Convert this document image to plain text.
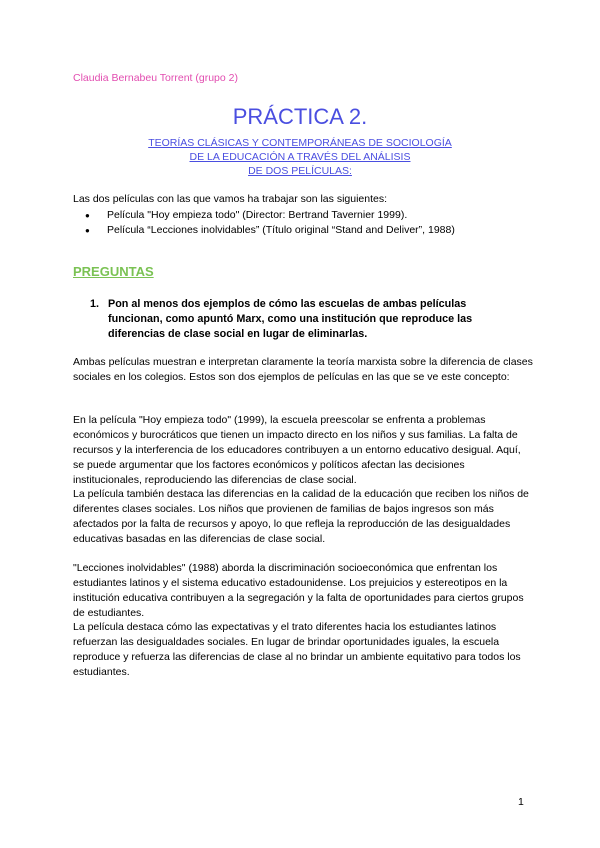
Claudia Bernabeu Torrent (grupo 2)
PRÁCTICA 2.
TEORÍAS CLÁSICAS Y CONTEMPORÁNEAS DE SOCIOLOGÍA
DE LA EDUCACIÓN A TRAVÉS DEL ANÁLISIS
DE DOS PELÍCULAS:
Las dos películas con las que vamos ha trabajar son las siguientes:
● Película "Hoy empieza todo" (Director: Bertrand Tavernier 1999).
● Película “Lecciones inolvidables” (Título original “Stand and Deliver”, 1988)
PREGUNTAS
1. Pon al menos dos ejemplos de cómo las escuelas de ambas películas funcionan, como apuntó Marx, como una institución que reproduce las diferencias de clase social en lugar de eliminarlas.

Ambas películas muestran e interpretan claramente la teoría marxista sobre la diferencia de clases sociales en los colegios. Estos son dos ejemplos de películas en las que se ve este concepto:

En la película "Hoy empieza todo" (1999), la escuela preescolar se enfrenta a problemas económicos y burocráticos que tienen un impacto directo en los niños y sus familias. La falta de recursos y la interferencia de los educadores contribuyen a un entorno educativo desigual. Aquí, se puede argumentar que los factores económicos y políticos afectan las decisiones institucionales, reproduciendo las diferencias de clase social.

La película también destaca las diferencias en la calidad de la educación que reciben los niños de diferentes clases sociales. Los niños que provienen de familias de bajos ingresos son más afectados por la falta de recursos y apoyo, lo que refleja la reproducción de las desigualdades educativas basadas en las diferencias de clase social.

"Lecciones inolvidables" (1988) aborda la discriminación socioeconómica que enfrentan los estudiantes latinos y el sistema educativo estadounidense. Los prejuicios y estereotipos en la institución educativa contribuyen a la segregación y la falta de oportunidades para ciertos grupos de estudiantes.

La película destaca cómo las expectativas y el trato diferentes hacia los estudiantes latinos refuerzan las desigualdades sociales. En lugar de brindar oportunidades iguales, la escuela reproduce y refuerza las diferencias de clase al no brindar un ambiente equitativo para todos los estudiantes.

1
